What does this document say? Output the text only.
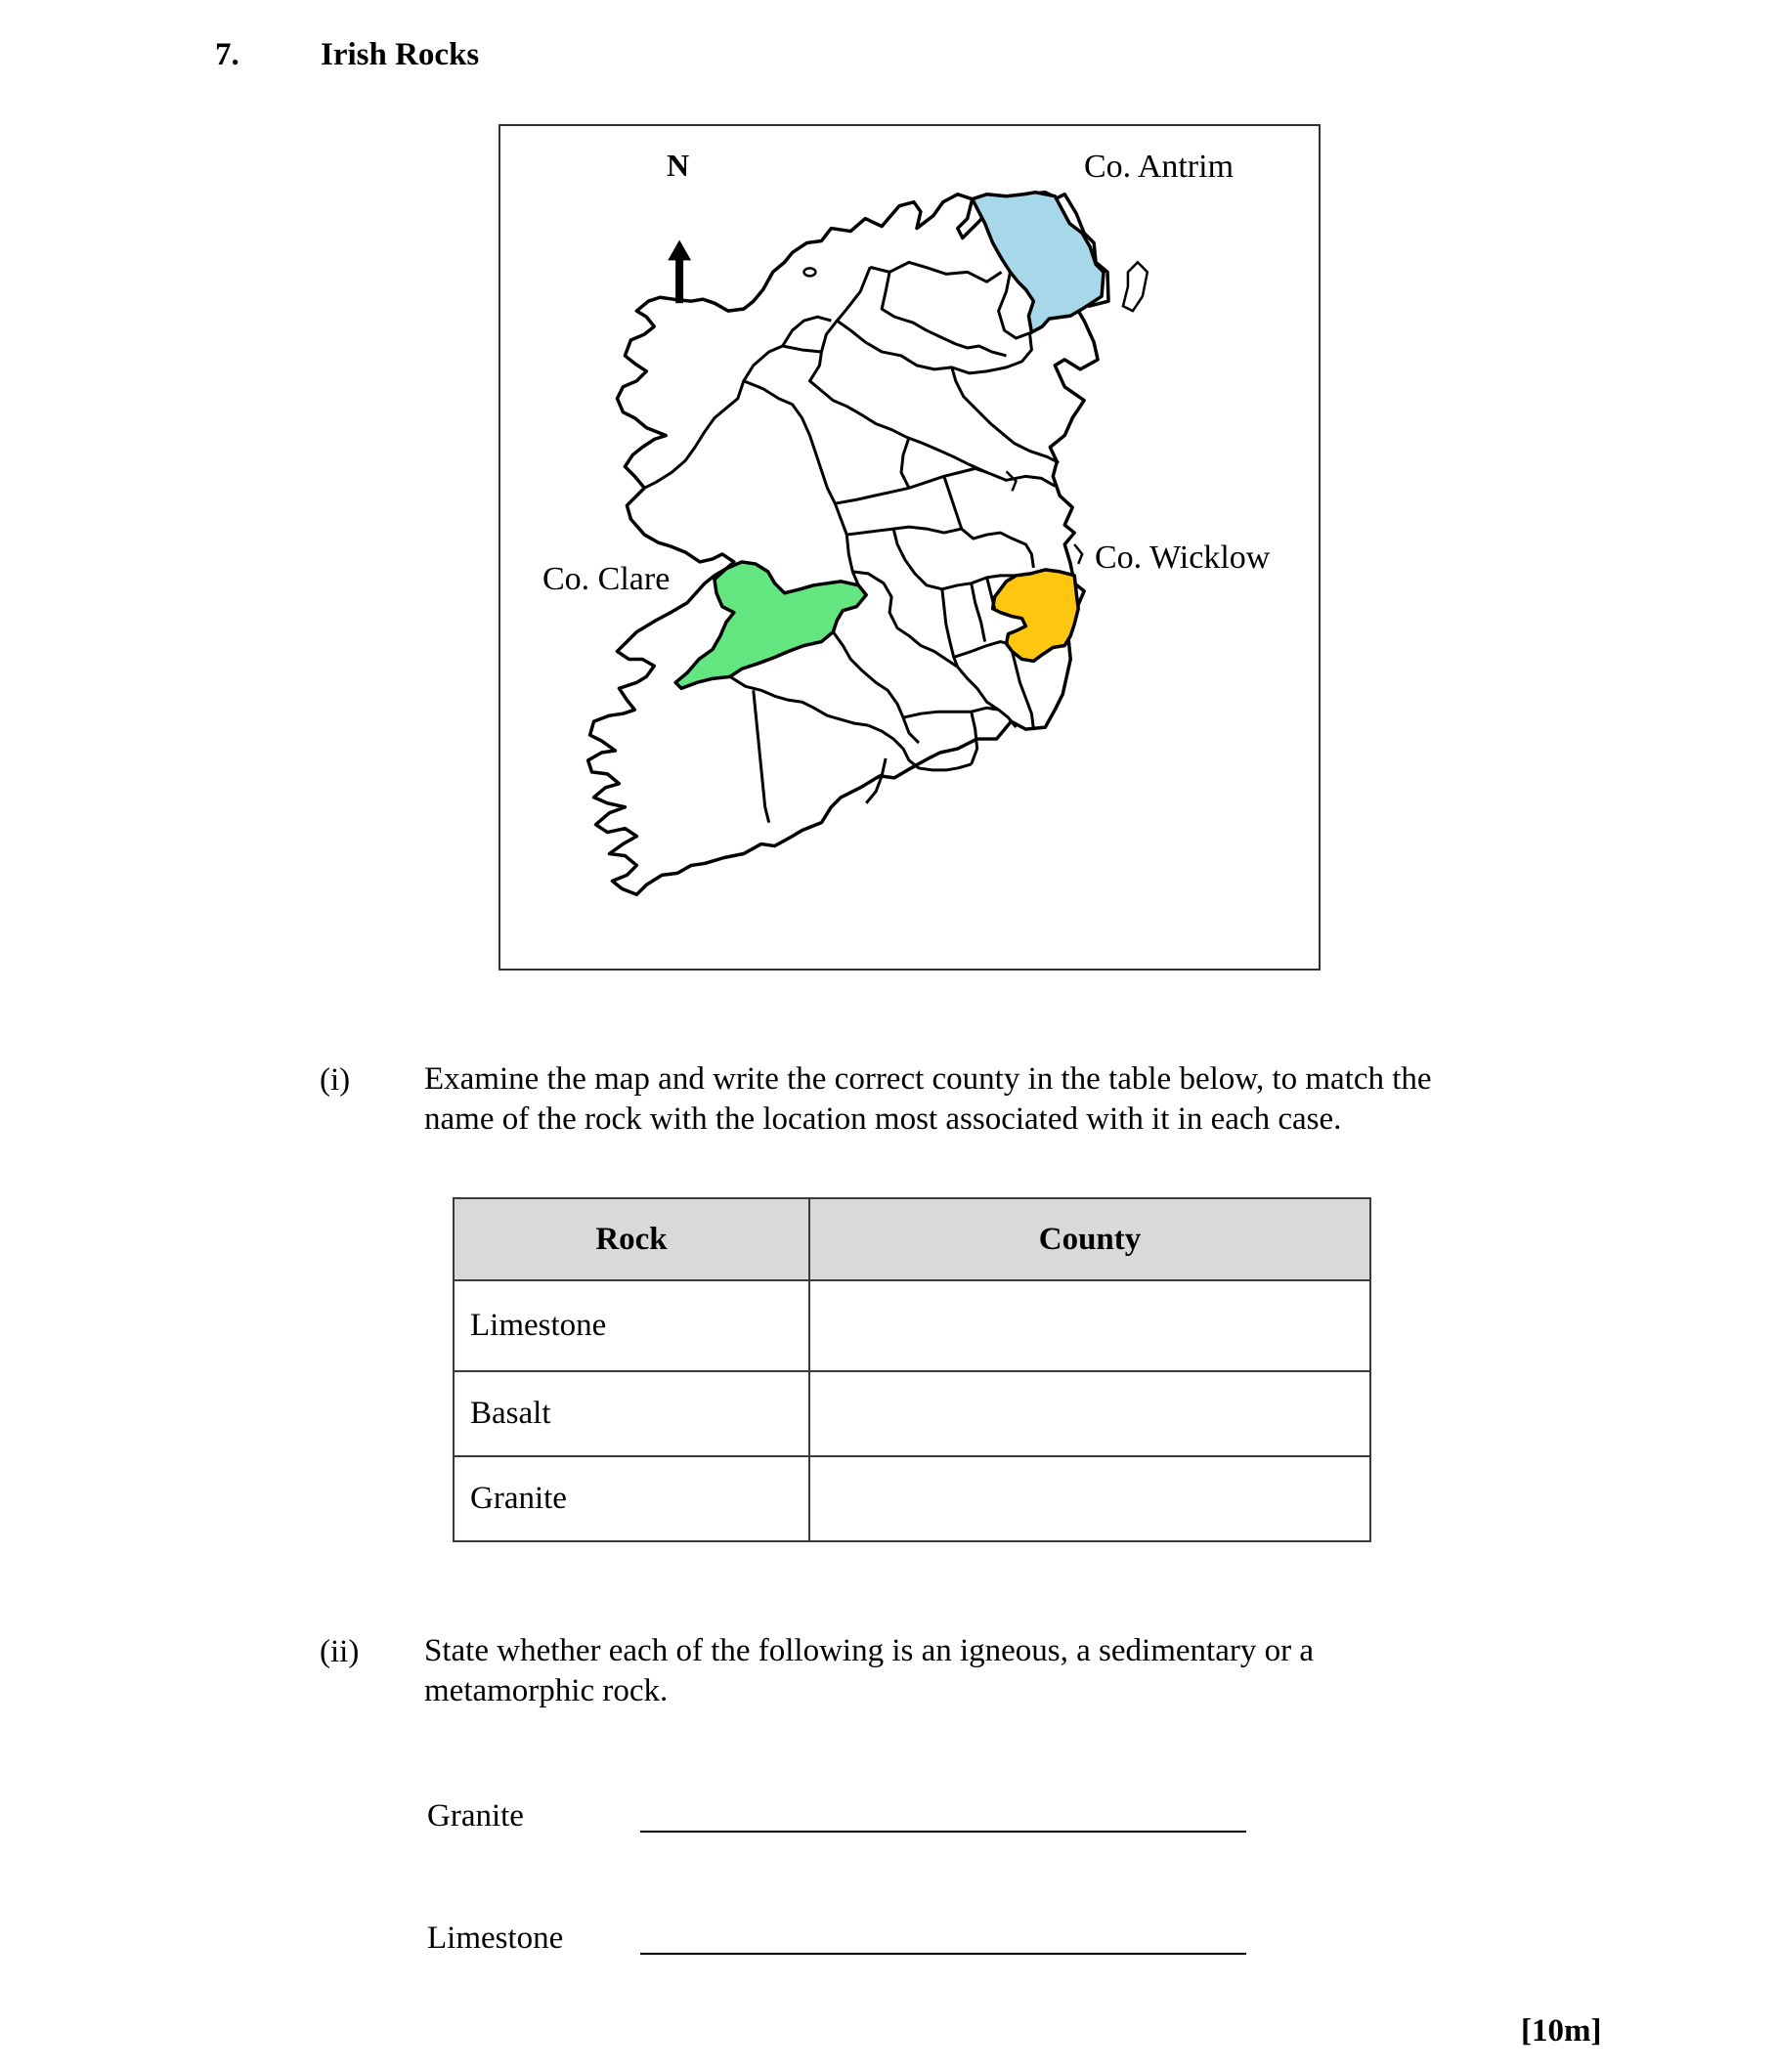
7.	Irish Rocks
N	Co. Antrim
Co. Wicklow
Co. Clare
(i) Examine the map and write the correct county in the table below, to match the
name of the rock with the location most associated with it in each case.
Rock	County
Limestone	
Basalt	
Granite	
(ii) State whether each of the following is an igneous, a sedimentary or a
metamorphic rock.
Granite
Limestone
[10m]
